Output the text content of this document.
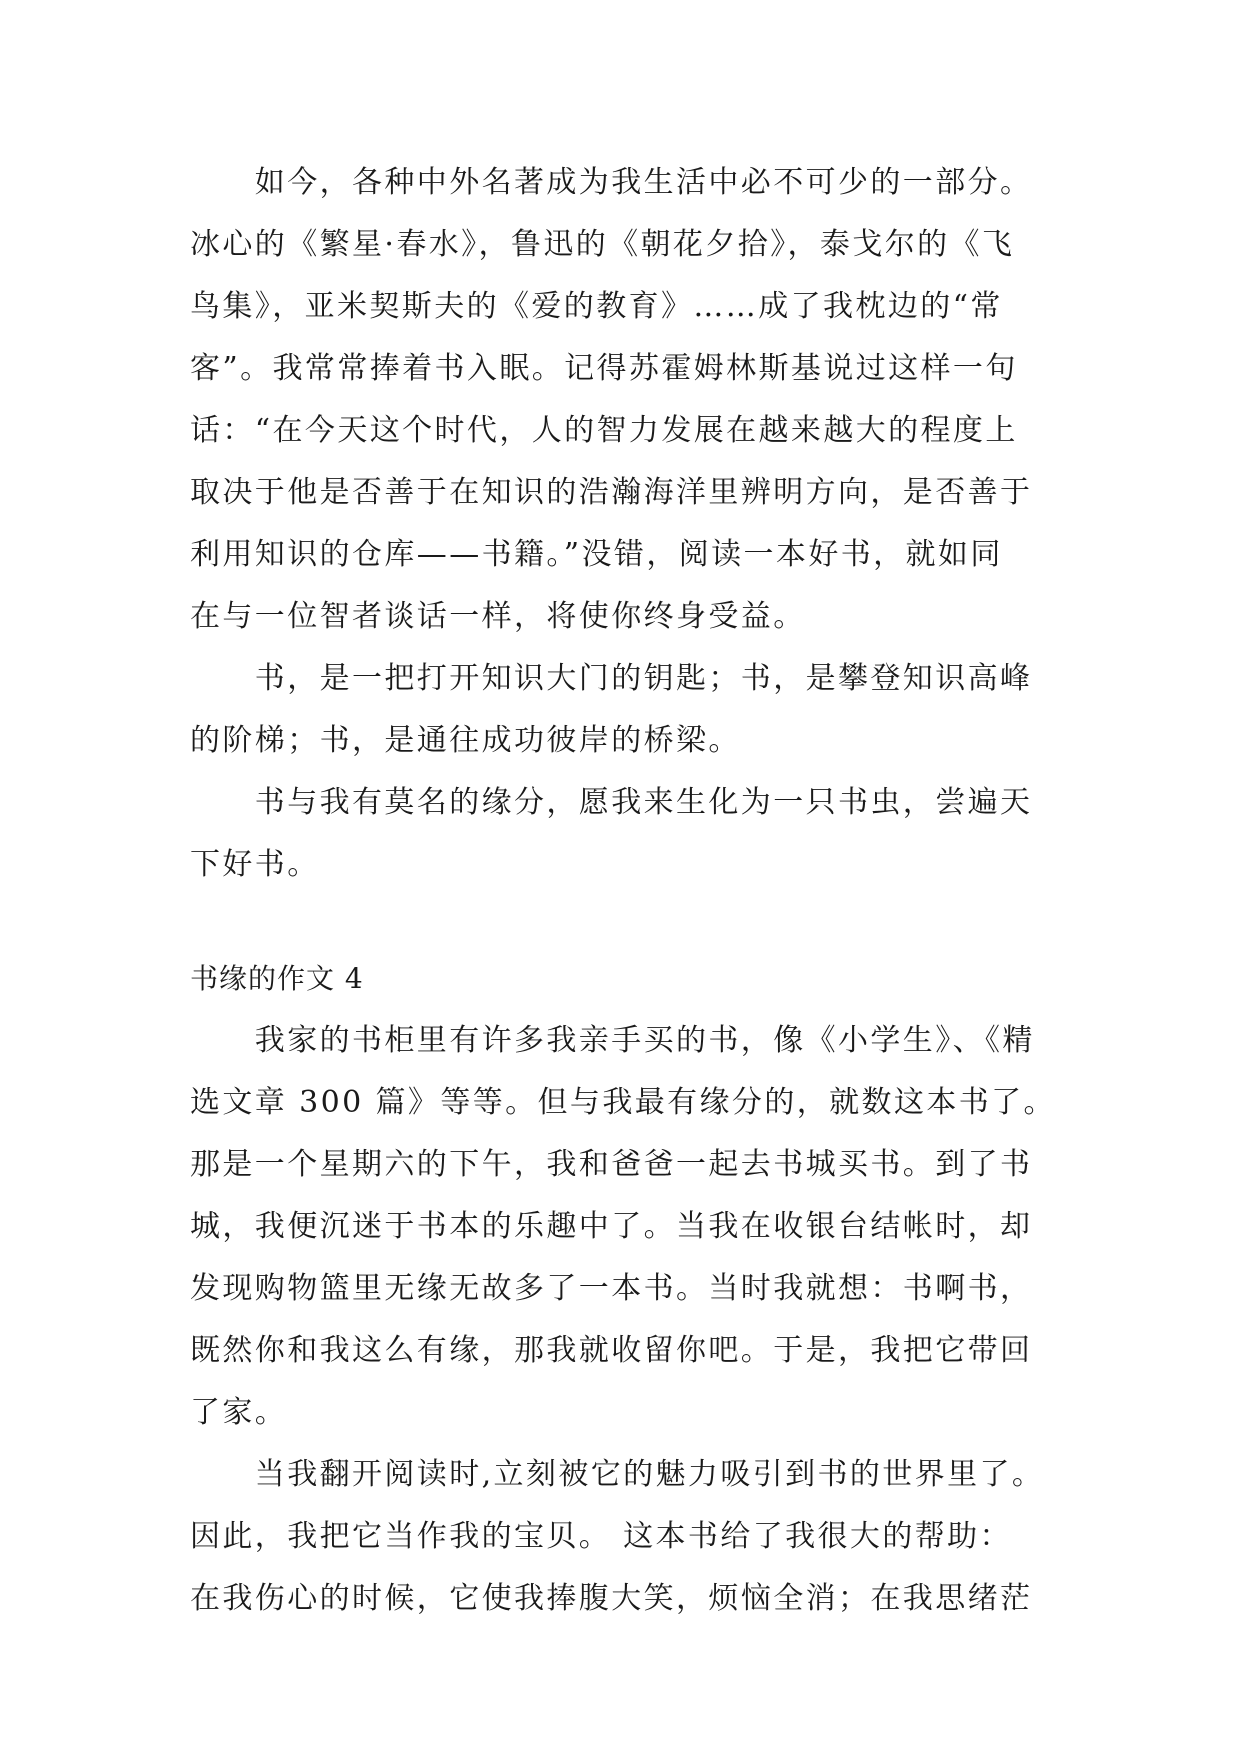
　　如今，各种中外名著成为我生活中必不可少的一部分。
冰心的《繁星·春水》，鲁迅的《朝花夕拾》，泰戈尔的《飞
鸟集》，亚米契斯夫的《爱的教育》……成了我枕边的“常
客”。我常常捧着书入眠。记得苏霍姆林斯基说过这样一句
话：“在今天这个时代，人的智力发展在越来越大的程度上
取决于他是否善于在知识的浩瀚海洋里辨明方向，是否善于
利用知识的仓库——书籍。”没错，阅读一本好书，就如同
在与一位智者谈话一样，将使你终身受益。
　　书，是一把打开知识大门的钥匙；书，是攀登知识高峰
的阶梯；书，是通往成功彼岸的桥梁。
　　书与我有莫名的缘分，愿我来生化为一只书虫，尝遍天
下好书。
书缘的作文 4
　　我家的书柜里有许多我亲手买的书，像《小学生》、《精
选文章 300 篇》等等。但与我最有缘分的，就数这本书了。
那是一个星期六的下午，我和爸爸一起去书城买书。到了书
城，我便沉迷于书本的乐趣中了。当我在收银台结帐时，却
发现购物篮里无缘无故多了一本书。当时我就想：书啊书，
既然你和我这么有缘，那我就收留你吧。于是，我把它带回
了家。
　　当我翻开阅读时,立刻被它的魅力吸引到书的世界里了。
因此，我把它当作我的宝贝。 这本书给了我很大的帮助：
在我伤心的时候，它使我捧腹大笑，烦恼全消；在我思绪茫
